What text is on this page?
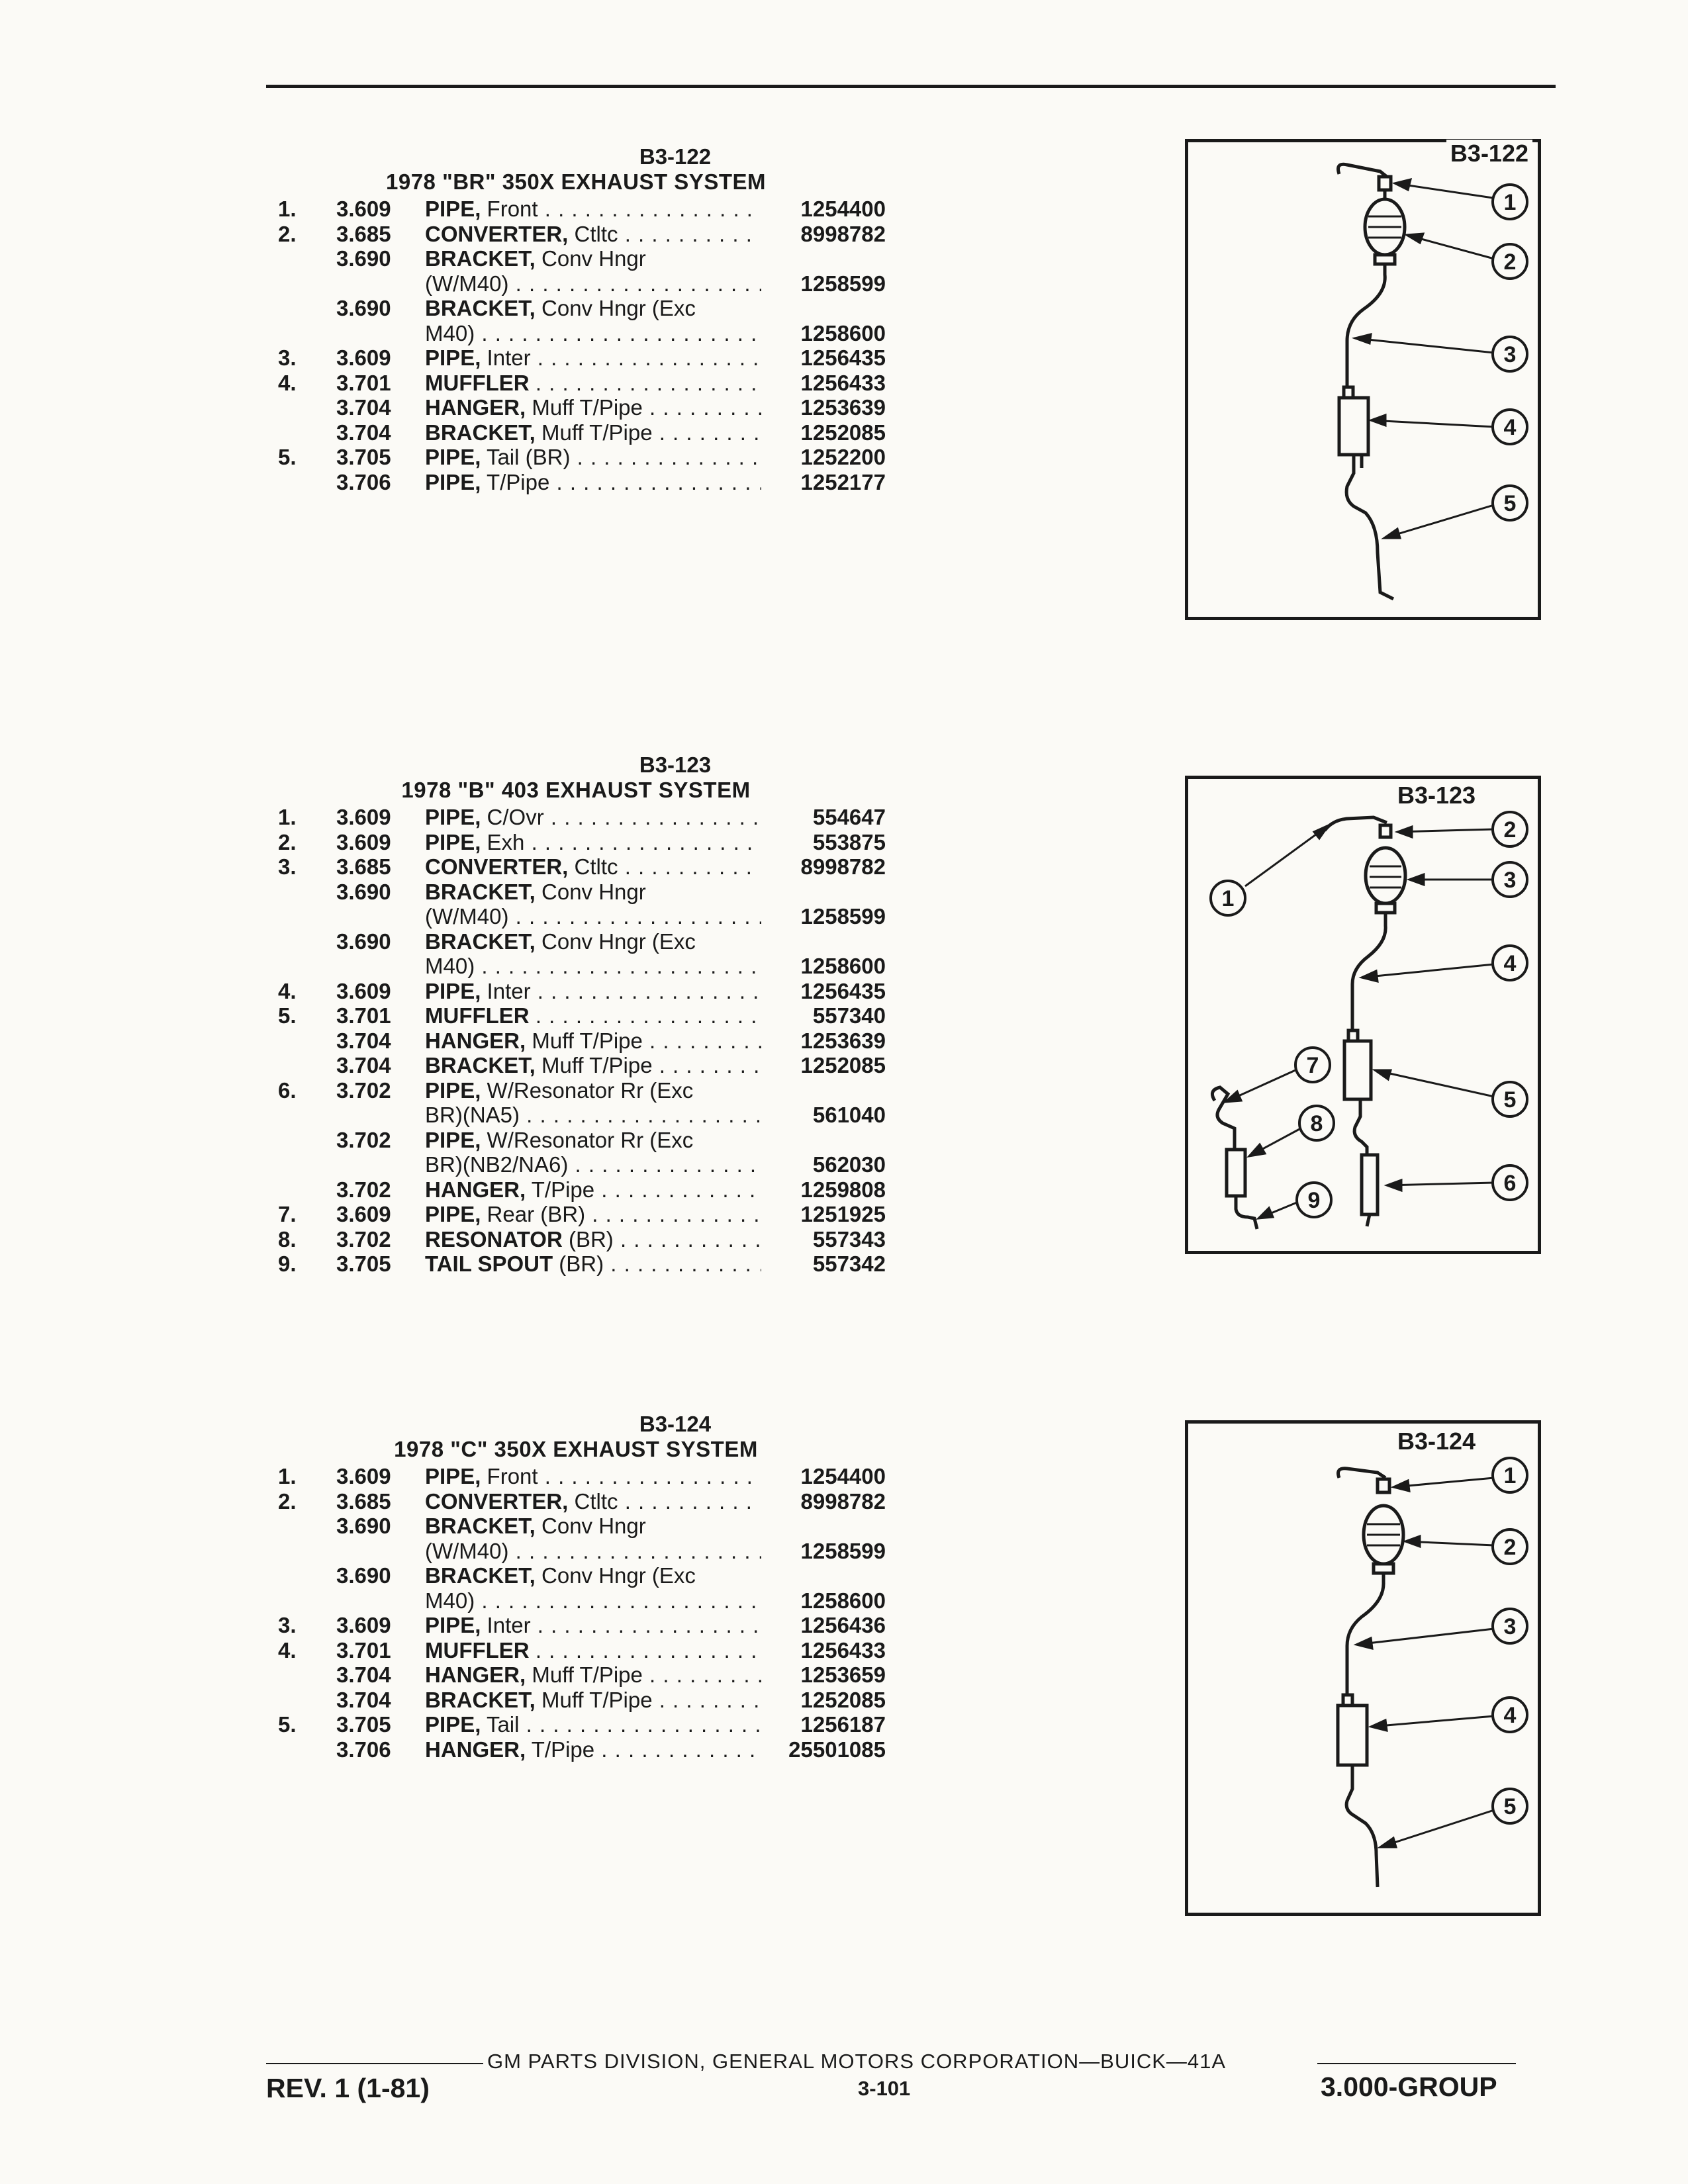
B3-122
1978 "BR" 350X EXHAUST SYSTEM
1.	3.609	PIPE, Front . . .	1254400
2.	3.685	CONVERTER, Ctltc . . .	8998782
3.690	BRACKET, Conv Hngr
(W/M40) . . .	1258599
3.690	BRACKET, Conv Hngr (Exc
M40) . . .	1258600
3.	3.609	PIPE, Inter . . .	1256435
4.	3.701	MUFFLER . . .	1256433
3.704	HANGER, Muff T/Pipe . . .	1253639
3.704	BRACKET, Muff T/Pipe . . .	1252085
5.	3.705	PIPE, Tail (BR) . . .	1252200
3.706	PIPE, T/Pipe . . .	1252177
B3-123
1978 "B" 403 EXHAUST SYSTEM
1.	3.609	PIPE, C/Ovr . . .	554647
2.	3.609	PIPE, Exh . . .	553875
3.	3.685	CONVERTER, Ctltc . . .	8998782
3.690	BRACKET, Conv Hngr
(W/M40) . . .	1258599
3.690	BRACKET, Conv Hngr (Exc
M40) . . .	1258600
4.	3.609	PIPE, Inter . . .	1256435
5.	3.701	MUFFLER . . .	557340
3.704	HANGER, Muff T/Pipe . . .	1253639
3.704	BRACKET, Muff T/Pipe . . .	1252085
6.	3.702	PIPE, W/Resonator Rr (Exc
BR)(NA5) . . .	561040
3.702	PIPE, W/Resonator Rr (Exc
BR)(NB2/NA6) . . .	562030
3.702	HANGER, T/Pipe . . .	1259808
7.	3.609	PIPE, Rear (BR) . . .	1251925
8.	3.702	RESONATOR (BR) . . .	557343
9.	3.705	TAIL SPOUT (BR) . . .	557342
B3-124
1978 "C" 350X EXHAUST SYSTEM
1.	3.609	PIPE, Front . . .	1254400
2.	3.685	CONVERTER, Ctltc . . .	8998782
3.690	BRACKET, Conv Hngr
(W/M40) . . .	1258599
3.690	BRACKET, Conv Hngr (Exc
M40) . . .	1258600
3.	3.609	PIPE, Inter . . .	1256436
4.	3.701	MUFFLER . . .	1256433
3.704	HANGER, Muff T/Pipe . . .	1253659
3.704	BRACKET, Muff T/Pipe . . .	1252085
5.	3.705	PIPE, Tail . . .	1256187
3.706	HANGER, T/Pipe . . .	25501085
1
2
3
4
5
B3-122
1
2
3
4
5
6
7
8
9
B3-123
1
2
3
4
5
B3-124
GM PARTS DIVISION, GENERAL MOTORS CORPORATION—BUICK—41A
REV. 1 (1-81)	3-101	3.000-GROUP
